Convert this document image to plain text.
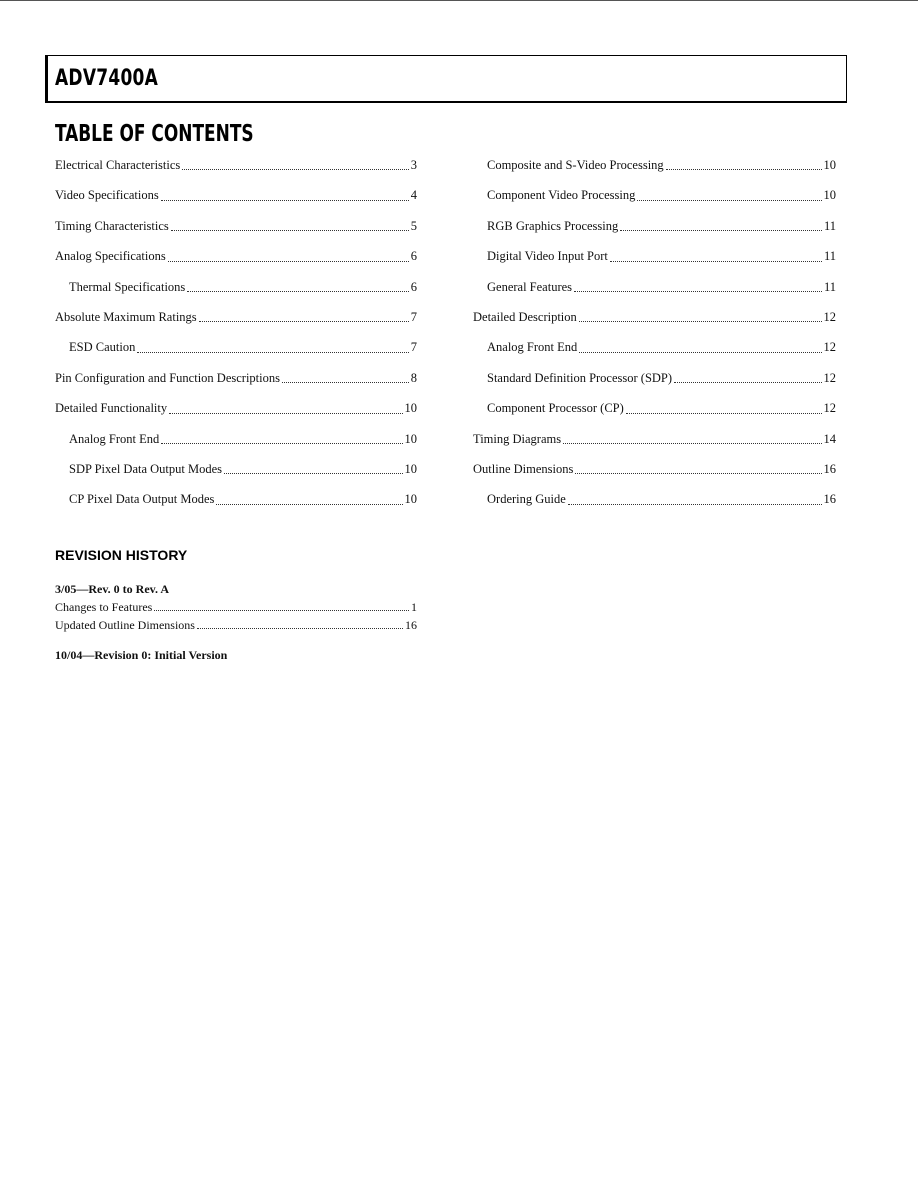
ADV7400A
TABLE OF CONTENTS
Electrical Characteristics	3
Video Specifications	4
Timing Characteristics	5
Analog Specifications	6
Thermal Specifications	6
Absolute Maximum Ratings	7
ESD Caution	7
Pin Configuration and Function Descriptions	8
Detailed Functionality	10
Analog Front End	10
SDP Pixel Data Output Modes	10
CP Pixel Data Output Modes	10
Composite and S-Video Processing	10
Component Video Processing	10
RGB Graphics Processing	11
Digital Video Input Port	11
General Features	11
Detailed Description	12
Analog Front End	12
Standard Definition Processor (SDP)	12
Component Processor (CP)	12
Timing Diagrams	14
Outline Dimensions	16
Ordering Guide	16
REVISION HISTORY
3/05—Rev. 0 to Rev. A
Changes to Features	1
Updated Outline Dimensions	16
10/04—Revision 0: Initial Version
